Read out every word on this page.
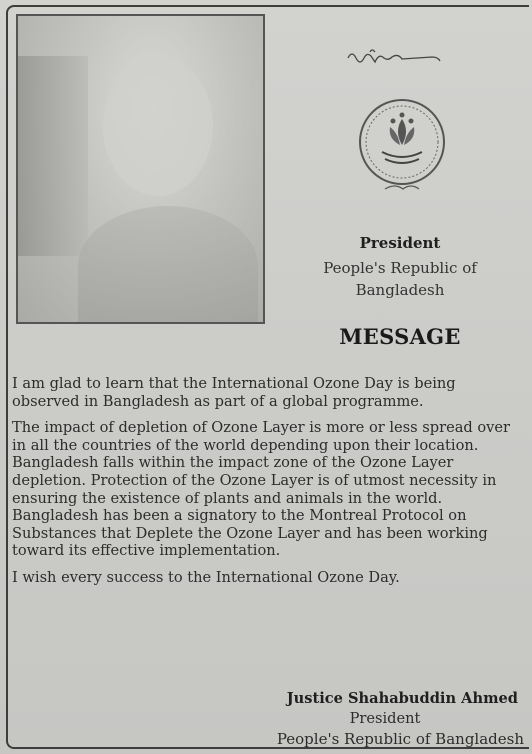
President
People's Republic of
Bangladesh
MESSAGE

I am glad to learn that the International Ozone Day is being observed in Bangladesh as part of a global programme.

The impact of depletion of Ozone Layer is more or less spread over in all the countries of the world depending upon their location. Bangladesh falls within the impact zone of the Ozone Layer depletion. Protection of the Ozone Layer is of utmost necessity in ensuring the existence of plants and animals in the world. Bangladesh has been a signatory to the Montreal Protocol on Substances that Deplete the Ozone Layer and has been working toward its effective implementation.

I wish every success to the International Ozone Day.

Justice Shahabuddin Ahmed
President
People's Republic of Bangladesh
